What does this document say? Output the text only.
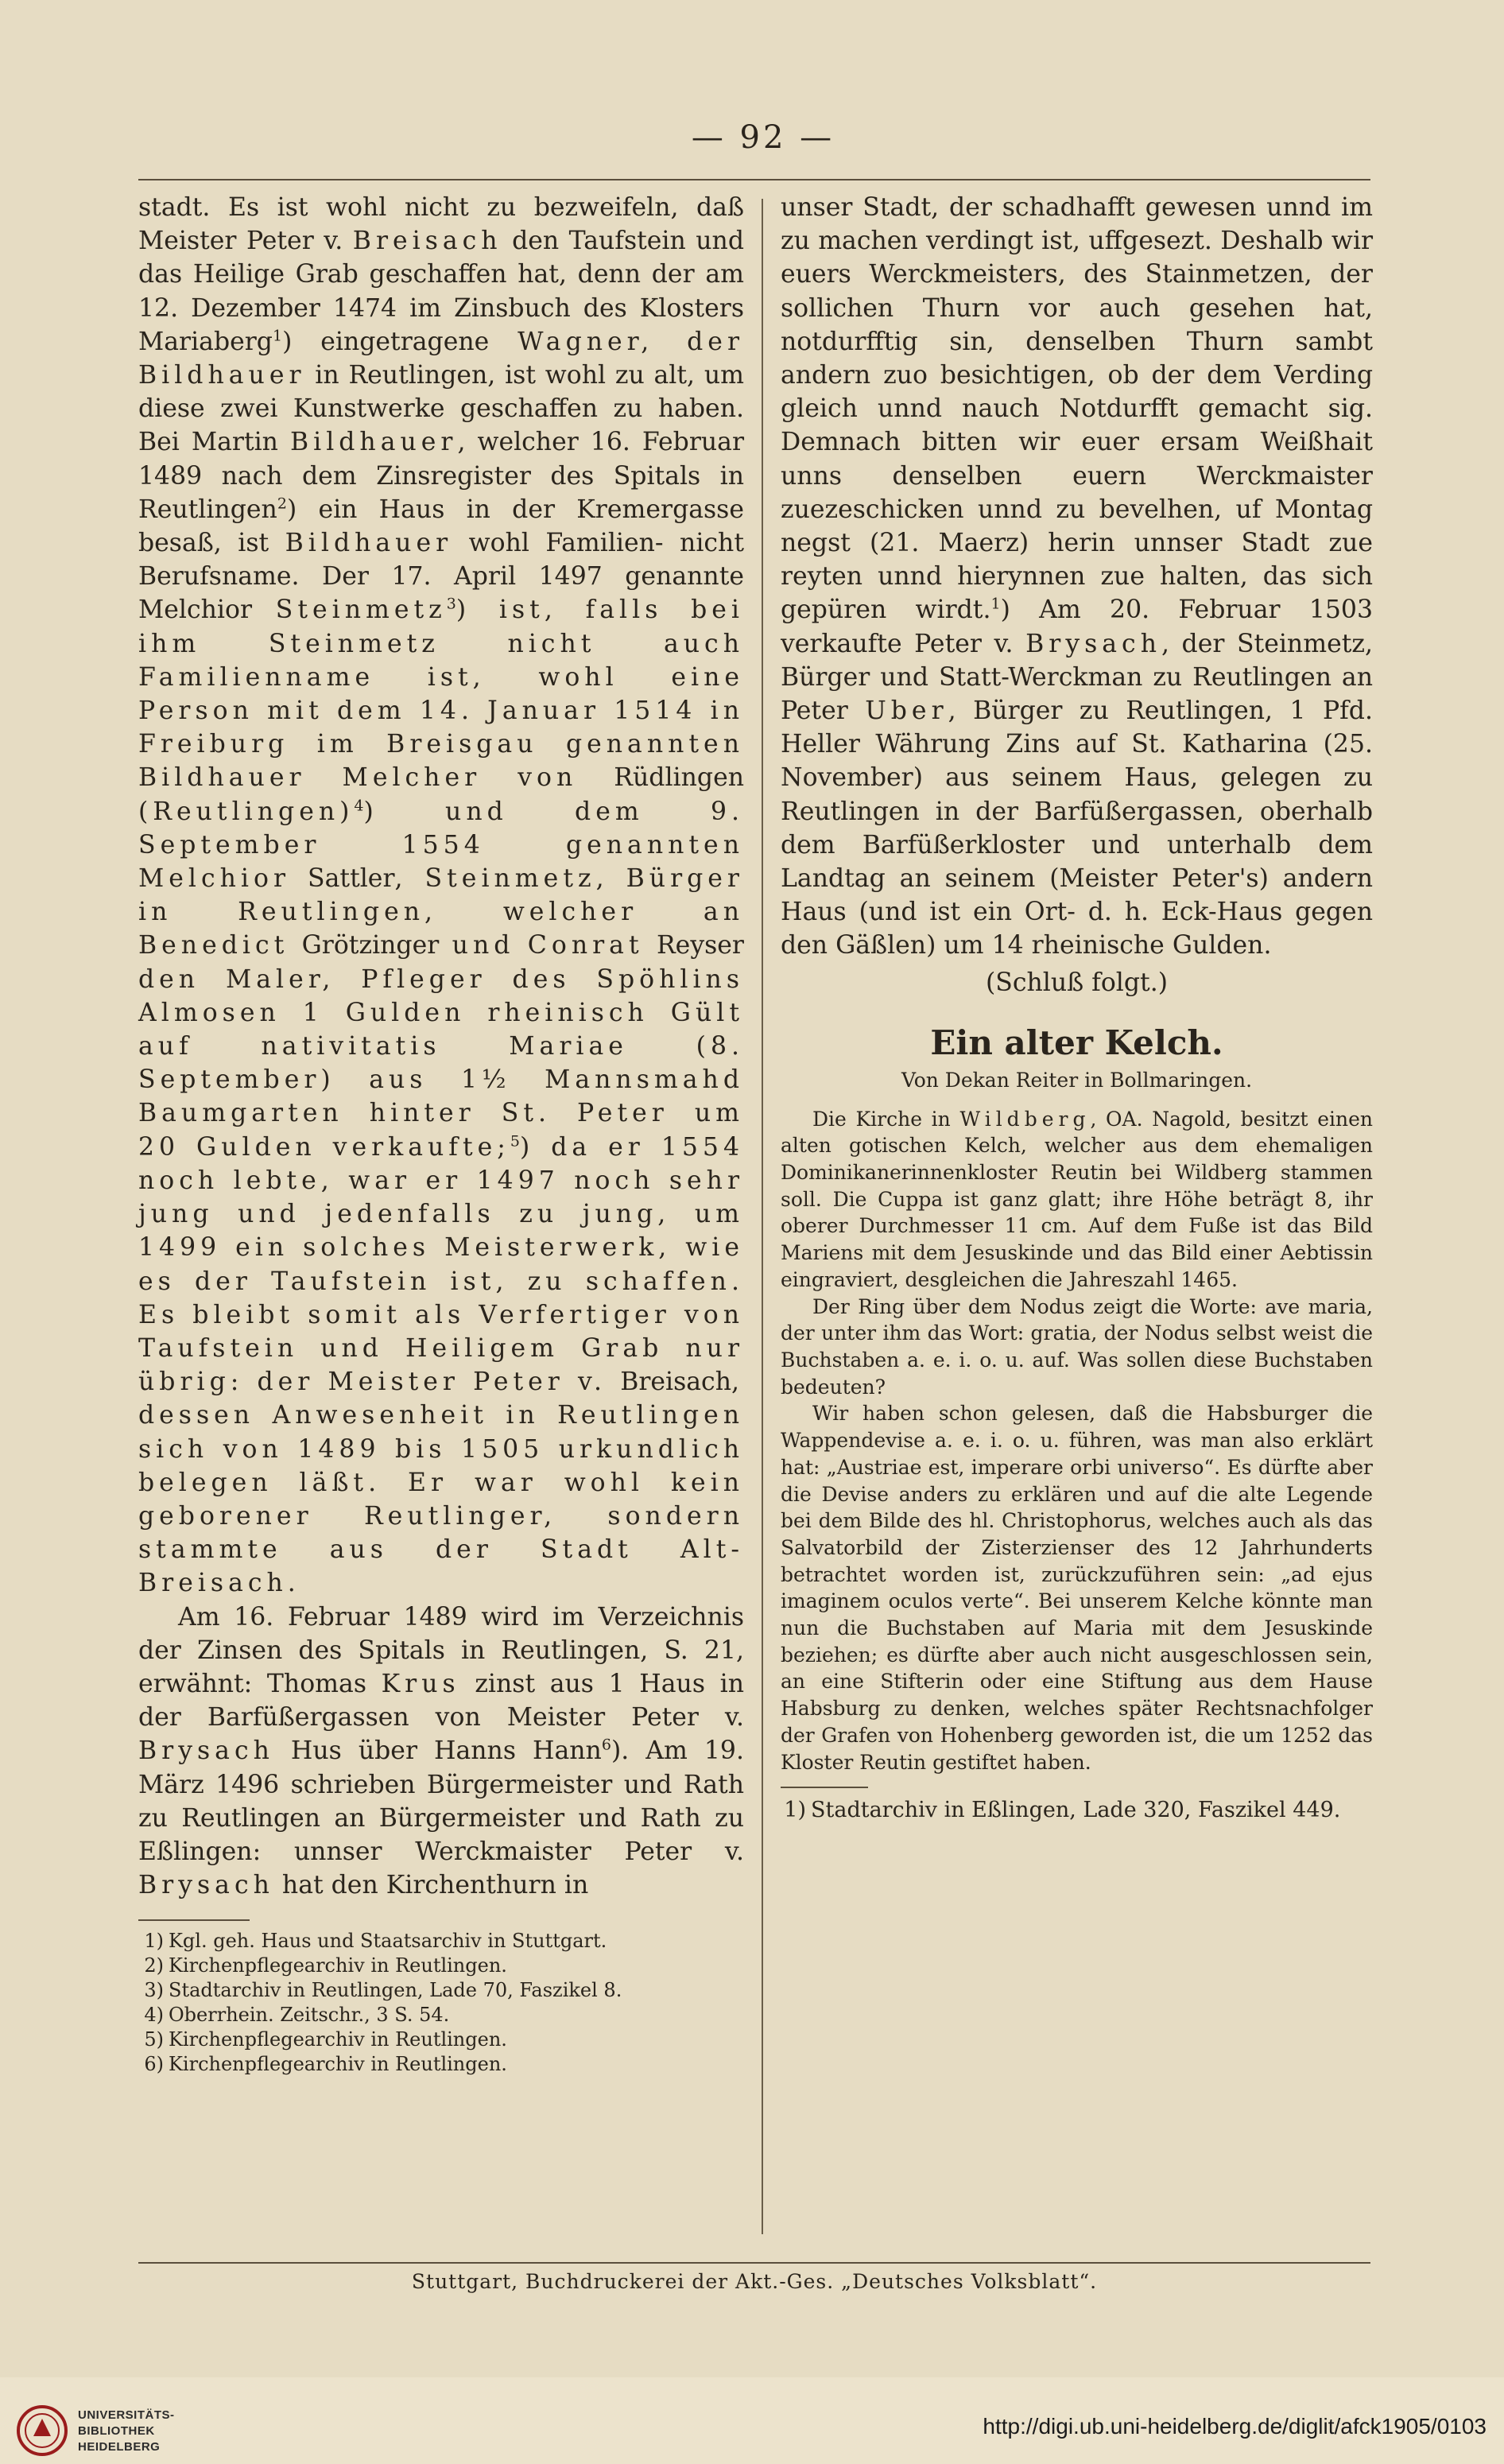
— 92 —

stadt. Es ist wohl nicht zu bezweifeln, daß Meister Peter v. Breisach den Taufstein und das Heilige Grab geschaffen hat, denn der am 12. Dezember 1474 im Zinsbuch des Klosters Mariaberg$^1$) eingetragene Wagner, der Bildhauer in Reutlingen, ist wohl zu alt, um diese zwei Kunstwerke geschaffen zu haben. Bei Martin Bildhauer, welcher 16. Februar 1489 nach dem Zinsregister des Spitals in Reutlingen$^2$) ein Haus in der Kremergasse besaß, ist Bildhauer wohl Familien- nicht Berufsname. Der 17. April 1497 genannte Melchior Steinmetz$^3$) ist, falls bei ihm Steinmetz nicht auch Familienname ist, wohl eine Person mit dem 14. Januar 1514 in Freiburg im Breisgau genannten Bildhauer Melcher von Rüdlingen (Reutlingen)$^4$) und dem 9. September 1554 genannten Melchior Sattler, Steinmetz, Bürger in Reutlingen, welcher an Benedict Grötzinger und Conrat Reyser den Maler, Pfleger des Spöhlins Almosen 1 Gulden rheinisch Gült auf nativitatis Mariae (8. September) aus 1½ Mannsmahd Baumgarten hinter St. Peter um 20 Gulden verkaufte;$^5$) da er 1554 noch lebte, war er 1497 noch sehr jung und jedenfalls zu jung, um 1499 ein solches Meisterwerk, wie es der Taufstein ist, zu schaffen. Es bleibt somit als Verfertiger von Taufstein und Heiligem Grab nur übrig: der Meister Peter v. Breisach, dessen Anwesenheit in Reutlingen sich von 1489 bis 1505 urkundlich belegen läßt. Er war wohl kein geborener Reutlinger, sondern stammte aus der Stadt Alt-Breisach.

Am 16. Februar 1489 wird im Verzeichnis der Zinsen des Spitals in Reutlingen, S. 21, erwähnt: Thomas Krus zinst aus 1 Haus in der Barfüßergassen von Meister Peter v. Brysach Hus über Hanns Hann$^6$). Am 19. März 1496 schrieben Bürgermeister und Rath zu Reutlingen an Bürgermeister und Rath zu Eßlingen: unnser Werckmaister Peter v. Brysach hat den Kirchenthurn in

1) Kgl. geh. Haus und Staatsarchiv in Stuttgart.

2) Kirchenpflegearchiv in Reutlingen.

3) Stadtarchiv in Reutlingen, Lade 70, Faszikel 8.

4) Oberrhein. Zeitschr., 3 S. 54.

5) Kirchenpflegearchiv in Reutlingen.

6) Kirchenpflegearchiv in Reutlingen.

unser Stadt, der schadhafft gewesen unnd im zu machen verdingt ist, uffgesezt. Deshalb wir euers Werckmeisters, des Stainmetzen, der sollichen Thurn vor auch gesehen hat, notdurfftig sin, denselben Thurn sambt andern zuo besichtigen, ob der dem Verding gleich unnd nauch Notdurfft gemacht sig. Demnach bitten wir euer ersam Weißhait unns denselben euern Werckmaister zuezeschicken unnd zu bevelhen, uf Montag negst (21. Maerz) herin unnser Stadt zue reyten unnd hierynnen zue halten, das sich gepüren wirdt.$^1$) Am 20. Februar 1503 verkaufte Peter v. Brysach, der Steinmetz, Bürger und Statt-Werckman zu Reutlingen an Peter Uber, Bürger zu Reutlingen, 1 Pfd. Heller Währung Zins auf St. Katharina (25. November) aus seinem Haus, gelegen zu Reutlingen in der Barfüßergassen, oberhalb dem Barfüßerkloster und unterhalb dem Landtag an seinem (Meister Peter's) andern Haus (und ist ein Ort- d. h. Eck-Haus gegen den Gäßlen) um 14 rheinische Gulden.

(Schluß folgt.)

Ein alter Kelch.

Von Dekan Reiter in Bollmaringen.

Die Kirche in Wildberg, OA. Nagold, besitzt einen alten gotischen Kelch, welcher aus dem ehemaligen Dominikanerinnenkloster Reutin bei Wildberg stammen soll. Die Cuppa ist ganz glatt; ihre Höhe beträgt 8, ihr oberer Durchmesser 11 cm. Auf dem Fuße ist das Bild Mariens mit dem Jesuskinde und das Bild einer Aebtissin eingraviert, desgleichen die Jahreszahl 1465.

Der Ring über dem Nodus zeigt die Worte: ave maria, der unter ihm das Wort: gratia, der Nodus selbst weist die Buchstaben a. e. i. o. u. auf. Was sollen diese Buchstaben bedeuten?

Wir haben schon gelesen, daß die Habsburger die Wappendevise a. e. i. o. u. führen, was man also erklärt hat: „Austriae est, imperare orbi universo“. Es dürfte aber die Devise anders zu erklären und auf die alte Legende bei dem Bilde des hl. Christophorus, welches auch als das Salvatorbild der Zisterzienser des 12 Jahrhunderts betrachtet worden ist, zurückzuführen sein: „ad ejus imaginem oculos verte“. Bei unserem Kelche könnte man nun die Buchstaben auf Maria mit dem Jesuskinde beziehen; es dürfte aber auch nicht ausgeschlossen sein, an eine Stifterin oder eine Stiftung aus dem Hause Habsburg zu denken, welches später Rechtsnachfolger der Grafen von Hohenberg geworden ist, die um 1252 das Kloster Reutin gestiftet haben.

1) Stadtarchiv in Eßlingen, Lade 320, Faszikel 449.

Stuttgart, Buchdruckerei der Akt.-Ges. „Deutsches Volksblatt“.
UNIVERSITÄTS-
BIBLIOTHEK
HEIDELBERG
http://digi.ub.uni-heidelberg.de/diglit/afck1905/0103
